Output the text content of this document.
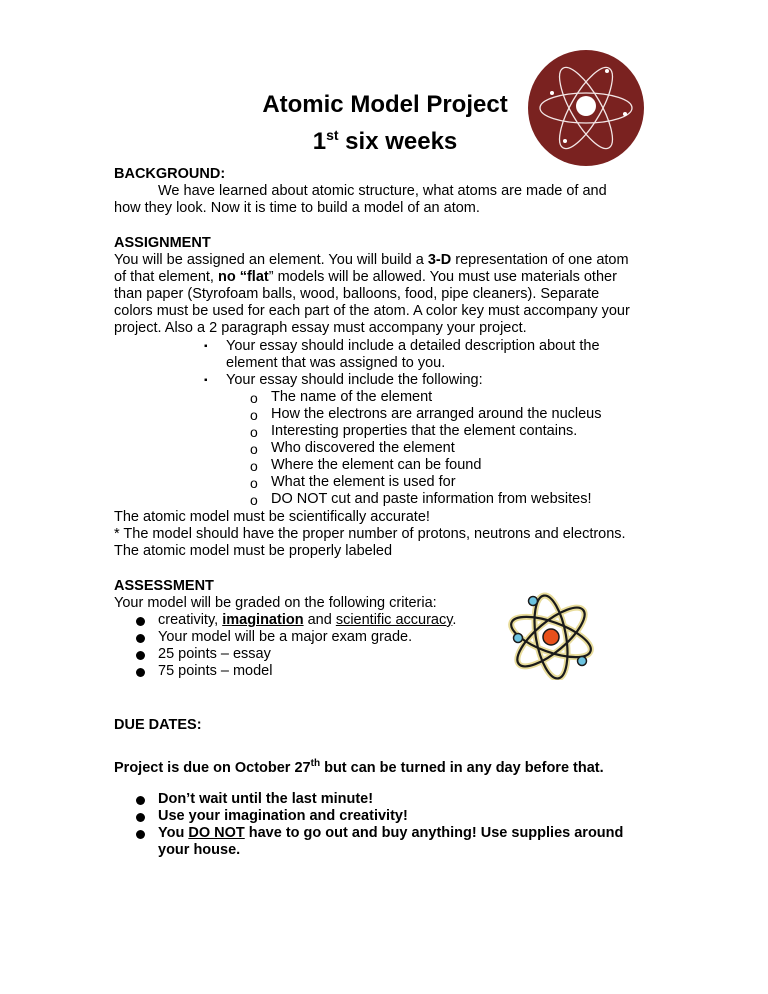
Atomic Model Project
1st six weeks
BACKGROUND:
We have learned about atomic structure, what atoms are made of and
how they look. Now it is time to build a model of an atom.
ASSIGNMENT
You will be assigned an element. You will build a 3-D representation of one atom
of that element, no “flat” models will be allowed. You must use materials other
than paper (Styrofoam balls, wood, balloons, food, pipe cleaners). Separate
colors must be used for each part of the atom. A color key must accompany your
project. Also a 2 paragraph essay must accompany your project.
▪ Your essay should include a detailed description about the
element that was assigned to you.
▪ Your essay should include the following:
o The name of the element
o How the electrons are arranged around the nucleus
o Interesting properties that the element contains.
o Who discovered the element
o Where the element can be found
o What the element is used for
o DO NOT cut and paste information from websites!
The atomic model must be scientifically accurate!
* The model should have the proper number of protons, neutrons and electrons.
The atomic model must be properly labeled
ASSESSMENT
Your model will be graded on the following criteria:
creativity, imagination and scientific accuracy.
Your model will be a major exam grade.
25 points – essay
75 points – model
DUE DATES:
Project is due on October 27th but can be turned in any day before that.
Don’t wait until the last minute!
Use your imagination and creativity!
You DO NOT have to go out and buy anything! Use supplies around
your house.
